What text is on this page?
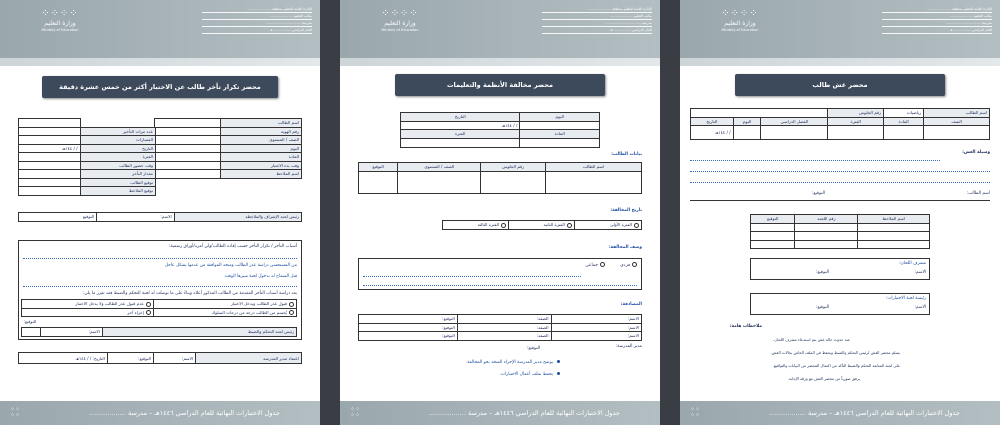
الإدارة العامة للتعليم بمنطقة ......................
مكتب التعليم .....................
مدرسة .................................
العام الدراسي ................ هـ
⁘⁘⁘⁘
وزارة التعليم
Ministry of Education
محضر تكرار تأخر طالب عن الاختبار أكثر من خمس عشرة دقيقة
اسم الطالب	
رقم الهوية	
الصف / المستوى	
اليوم	
المادة	
وقت بدء الاختبار	
اسم الملاحظ	

عدد مرات التأخير	
المسارات	
التاريخ	/ / ١٤٤هـ
الفترة	
وقت حضور الطالب	
مقدار التأخر	
توقيع الطالب	
توقيع الملاحظ	
رئيس لجنة الإشراف والملاحظة	الاسم:	التوقيع
أسباب التأخر / تكرار التأخر حسب إفادة الطالب/ولي أمره/أوراق رسمية:
من المستحسن دراسة عذر الطالب ومنحه الموافقة من عدمها بشكل عاجل
قبل السماح له بدخول لجنة سيرها الوقت.
بعد دراسة أسباب التأخر المقدمة من الطالب المذكور أعلاه وبناءً على ما توصلت له لجنة التحكم والضبط فقد تقرر ما يلي:
قبول عذر الطالب ويدخل الاختبار	عدم قبول عذر الطالب ولا يدخل الاختبار
يُحسم من الطالب درجة من درجات السلوك	إجراء آخر
	التوقيع:
رئيس لجنة التحكم والضبط	الاسم:	
اعتماد مدير المدرسة	الاسم:	التوقيع:	التاريخ: / / ١٤٤هـ
جدول الاختبارات النهائية للعام الدراسي ١٤٤٦هـ – مدرسة ..................
⁘⁘
⁘⁘
الإدارة العامة للتعليم بمنطقة ......................
مكتب التعليم .....................
مدرسة .................................
العام الدراسي ................ هـ
⁘⁘⁘⁘
وزارة التعليم
Ministry of Education
محضر مخالفة الأنظمة والتعليمات
اليوم	التاريخ
	/ / ١٤٤هـ
المادة	الفترة

بيانات الطالب:
اسم الطالب	رقم الجلوس	الصف / المستوى	التوقيع

تاريخ المخالفة:
الفترة الأولى	الفترة الثانية	الفترة الثالثة
وصف المخالفة:
فردي
جماعي
المصادقة:
الاسم:	الصفة:	التوقيع:
الاسم:	الصفة:	التوقيع:
الاسم:	الصفة:	التوقيع:
مدير المدرسة:
التوقيع:
يوضح مدير المدرسة الإجراء المتخذ نحو المخالفة.
يحفظ بملف أعمال الاختبارات.
جدول الاختبارات النهائية للعام الدراسي ١٤٤٦هـ – مدرسة ..................
⁘⁘
⁘⁘
الإدارة العامة للتعليم بمنطقة ......................
مكتب التعليم .....................
مدرسة .................................
العام الدراسي ................ هـ
⁘⁘⁘⁘
وزارة التعليم
Ministry of Education
محضر غش طالب
اسم الطالب	رياضيات	رقم الجلوس			
الصف	المادة	الفترة	الفصل الدراسي	اليوم	التاريخ
					/ / ١٤٤هـ
وسيلة الغش:
اسم الطالب:
التوقيع:
اسم الملاحظ	رقم اللجنة	التوقيع

مشرف اللجان:
الاسم:
التوقيع:
رئيسة لجنة الاختبارات:
الاسم:
التوقيع:
ملاحظات هامة:
عند حدوث حالة غش يتم استدعاء مشرف اللجان.
يسلم محضر الغش لرئيس التحكم والضبط ويحفظ في الملف الخاص بحالات الغش.
على لجنة المتابعة التحكم والضبط التأكد من اكتمال المحضر من البيانات والتواقيع.
يرفق صورياً من محضر الغش مع ورقة الإجابة.
جدول الاختبارات النهائية للعام الدراسي ١٤٤٦هـ – مدرسة ..................
⁘⁘
⁘⁘
